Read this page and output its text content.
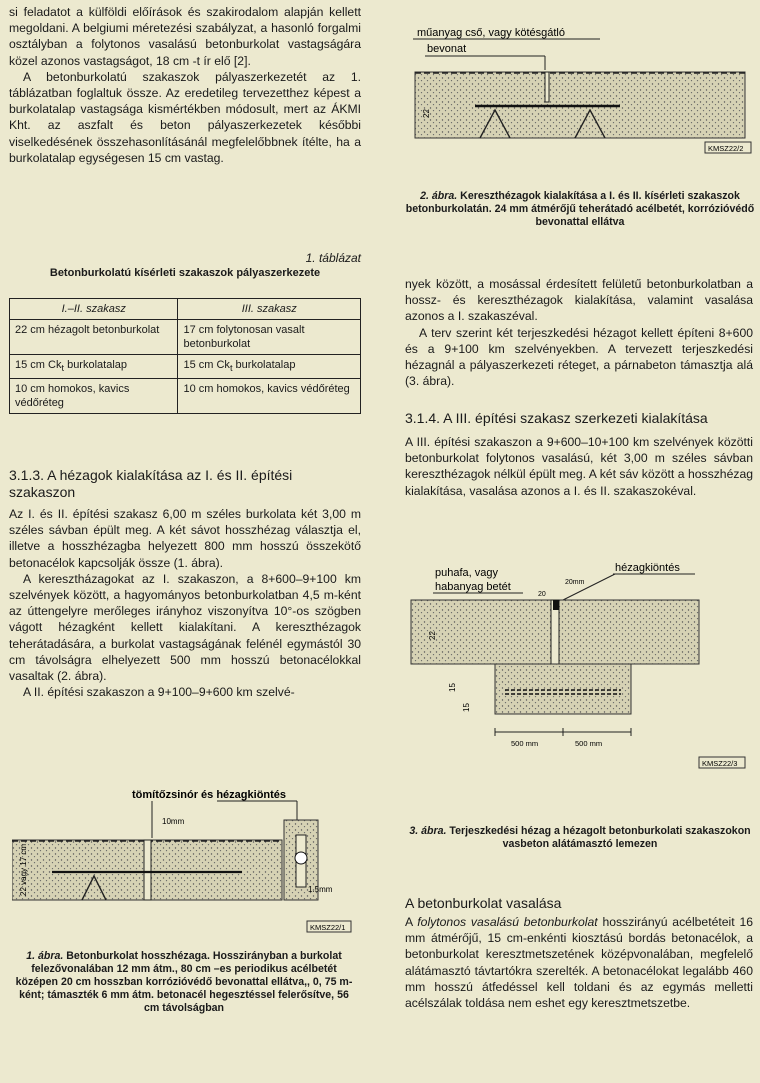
si feladatot a külföldi előírások és szakirodalom alapján kellett megoldani. A belgiumi méretezési szabályzat, a hasonló forgalmi osztályban a folytonos vasalású betonburkolat vastagságára közel azonos vastagságot, 18 cm -t ír elő [2].

A betonburkolatú szakaszok pályaszerkezetét az 1. táblázatban foglaltuk össze. Az eredetileg tervezetthez képest a burkolatalap vastagsága kismértékben módosult, mert az ÁKMI Kht. az aszfalt és beton pályaszerkezetek későbbi viselkedésének összehasonlításánál megfelelőbbnek ítélte, ha a burkolatalap egységesen 15 cm vastag.

1. táblázat
Betonburkolatú kísérleti szakaszok pályaszerkezete
I.–II. szakasz	III. szakasz
22 cm hézagolt betonburkolat	17 cm folytonosan vasalt betonburkolat
15 cm $Ck_t$ burkolatalap	15 cm $Ck_t$ burkolatalap
10 cm homokos, kavics védőréteg	10 cm homokos, kavics védőréteg
3.1.3. A hézagok kialakítása az I. és II. építési szakaszon

Az I. és II. építési szakasz 6,00 m széles burkolata két 3,00 m széles sávban épült meg. A két sávot hosszhézag választja el, illetve a hosszhézagba helyezett 800 mm hosszú összekötő betonacélok kapcsolják össze (1. ábra).

A keresztházagokat az I. szakaszon, a 8+600–9+100 km szelvények között, a hagyományos betonburkolatban 4,5 m-ként az úttengelyre merőleges irányhoz viszonyítva 10°-os szögben vágott hézagként kellett kialakítani. A kereszthézagok teherátadására, a burkolat vastagságának felénél egymástól 30 cm távolságra elhelyezett 500 mm hosszú betonacélokkal vasaltak (2. ábra).

A II. építési szakaszon a 9+100–9+600 km szelvé-

tömítőzsinór és hézagkiöntés
10mm
1.5mm
22 vagy 17 cm
KMSZ22/1
1. ábra. Betonburkolat hosszhézaga. Hosszirányban a burkolat felezővonalában 12 mm átm., 80 cm –es periodikus acélbetét középen 20 cm hosszban korrózióvédő bevonattal ellátva,, 0, 75 m-ként; támaszték 6 mm átm. betonacél hegesztéssel felerősítve, 56 cm távolságban
műanyag cső, vagy kötésgátló
bevonat
22
KMSZ22/2
2. ábra. Kereszthézagok kialakítása a I. és II. kísérleti szakaszok betonburkolatán. 24 mm átmérőjű teherátadó acélbetét, korrózióvédő bevonattal ellátva

nyek között, a mosással érdesített felületű betonburkolatban a hossz- és kereszthézagok kialakítása, valamint vasalása azonos a I. szakaszéval.

A terv szerint két terjeszkedési hézagot kellett építeni 8+600 és a 9+100 km szelvényekben. A tervezett terjeszkedési hézagnál a pályaszerkezeti réteget, a párnabeton támasztja alá (3. ábra).

3.1.4. A III. építési szakasz szerkezeti kialakítása

A III. építési szakaszon a 9+600–10+100 km szelvények közötti betonburkolat folytonos vasalású, két 3,00 m széles sávban kereszthézagok nélkül épült meg. A két sáv között a hosszhézag kialakítása, vasalása azonos a I. és II. szakaszokéval.

puhafa, vagy
habanyag betét
hézagkiöntés
20mm
20
22
15
15
500 mm	500 mm
KMSZ22/3
3. ábra. Terjeszkedési hézag a hézagolt betonburkolati szakaszokon vasbeton alátámasztó lemezen
A betonburkolat vasalása

A folytonos vasalású betonburkolat hosszirányú acélbetéteit 16 mm átmérőjű, 15 cm-enkénti kiosztású bordás betonacélok, a betonburkolat keresztmetszetének középvonalában, megfelelő alátámasztó távtartókra szerelték. A betonacélokat legalább 460 mm hosszú átfedéssel kell toldani és az egymás melletti acélszálak toldása nem eshet egy keresztmetszetbe.
